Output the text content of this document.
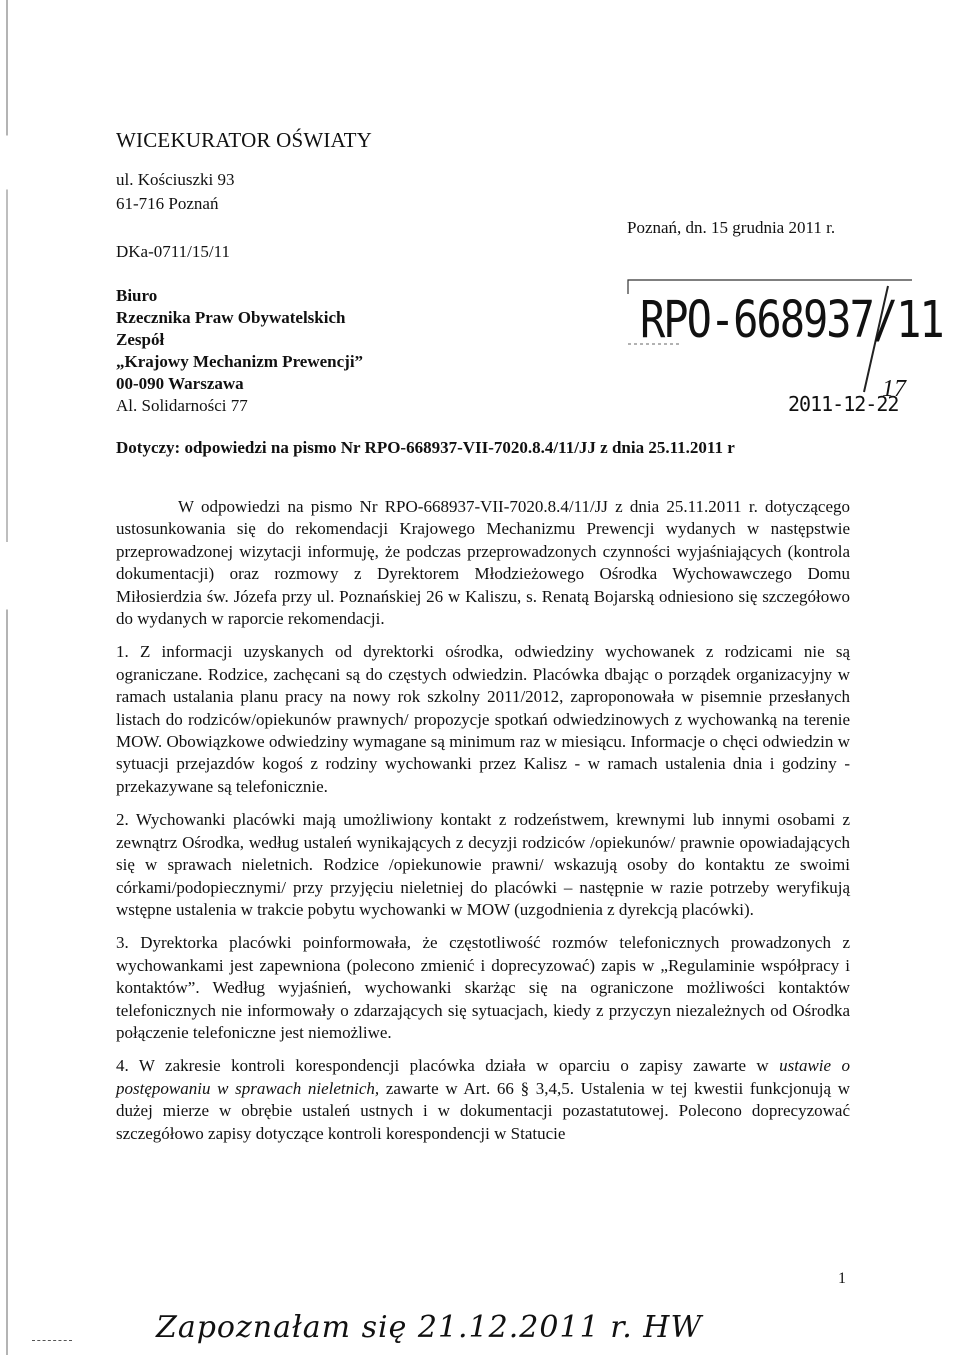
WICEKURATOR OŚWIATY
ul. Kościuszki 93
61-716 Poznań
DKa-0711/15/11
Poznań, dn. 15 grudnia 2011 r.
Biuro
Rzecznika Praw Obywatelskich
Zespół
„Krajowy Mechanizm Prewencji”
00-090 Warszawa
Al. Solidarności 77
RPO-668937/11
2011-12-22
17
Dotyczy: odpowiedzi na pismo Nr RPO-668937-VII-7020.8.4/11/JJ z dnia 25.11.2011 r

W odpowiedzi na pismo Nr RPO-668937-VII-7020.8.4/11/JJ z dnia 25.11.2011 r. dotyczącego ustosunkowania się do rekomendacji Krajowego Mechanizmu Prewencji wydanych w następstwie przeprowadzonej wizytacji informuję, że podczas przeprowadzonych czynności wyjaśniających (kontrola dokumentacji) oraz rozmowy z Dyrektorem Młodzieżowego Ośrodka Wychowawczego Domu Miłosierdzia św. Józefa przy ul. Poznańskiej 26 w Kaliszu, s. Renatą Bojarską odniesiono się szczegółowo do wydanych w raporcie rekomendacji.

1. Z informacji uzyskanych od dyrektorki ośrodka, odwiedziny wychowanek z rodzicami nie są ograniczane. Rodzice, zachęcani są do częstych odwiedzin. Placówka dbając o porządek organizacyjny w ramach ustalania planu pracy na nowy rok szkolny 2011/2012, zaproponowała w pisemnie przesłanych listach do rodziców/opiekunów prawnych/ propozycje spotkań odwiedzinowych z wychowanką na terenie MOW. Obowiązkowe odwiedziny wymagane są minimum raz w miesiącu. Informacje o chęci odwiedzin w sytuacji przejazdów kogoś z rodziny wychowanki przez Kalisz - w ramach ustalenia dnia i godziny - przekazywane są telefonicznie.

2. Wychowanki placówki mają umożliwiony kontakt z rodzeństwem, krewnymi lub innymi osobami z zewnątrz Ośrodka, według ustaleń wynikających z decyzji rodziców /opiekunów/ prawnie opowiadających się w sprawach nieletnich. Rodzice /opiekunowie prawni/ wskazują osoby do kontaktu ze swoimi córkami/podopiecznymi/ przy przyjęciu nieletniej do placówki – następnie w razie potrzeby weryfikują wstępne ustalenia w trakcie pobytu wychowanki w MOW (uzgodnienia z dyrekcją placówki).

3. Dyrektorka placówki poinformowała, że częstotliwość rozmów telefonicznych prowadzonych z wychowankami jest zapewniona (polecono zmienić i doprecyzować) zapis w „Regulaminie współpracy i kontaktów”. Według wyjaśnień, wychowanki skarżąc się na ograniczone możliwości kontaktów telefonicznych nie informowały o zdarzających się sytuacjach, kiedy z przyczyn niezależnych od Ośrodka połączenie telefoniczne jest niemożliwe.

4. W zakresie kontroli korespondencji placówka działa w oparciu o zapisy zawarte w ustawie o postępowaniu w sprawach nieletnich, zawarte w Art. 66 § 3,4,5. Ustalenia w tej kwestii funkcjonują w dużej mierze w obrębie ustaleń ustnych i w dokumentacji pozastatutowej. Polecono doprecyzować szczegółowo zapisy dotyczące kontroli korespondencji w Statucie

1
Zapoznałam się 21.12.2011 r. HW
